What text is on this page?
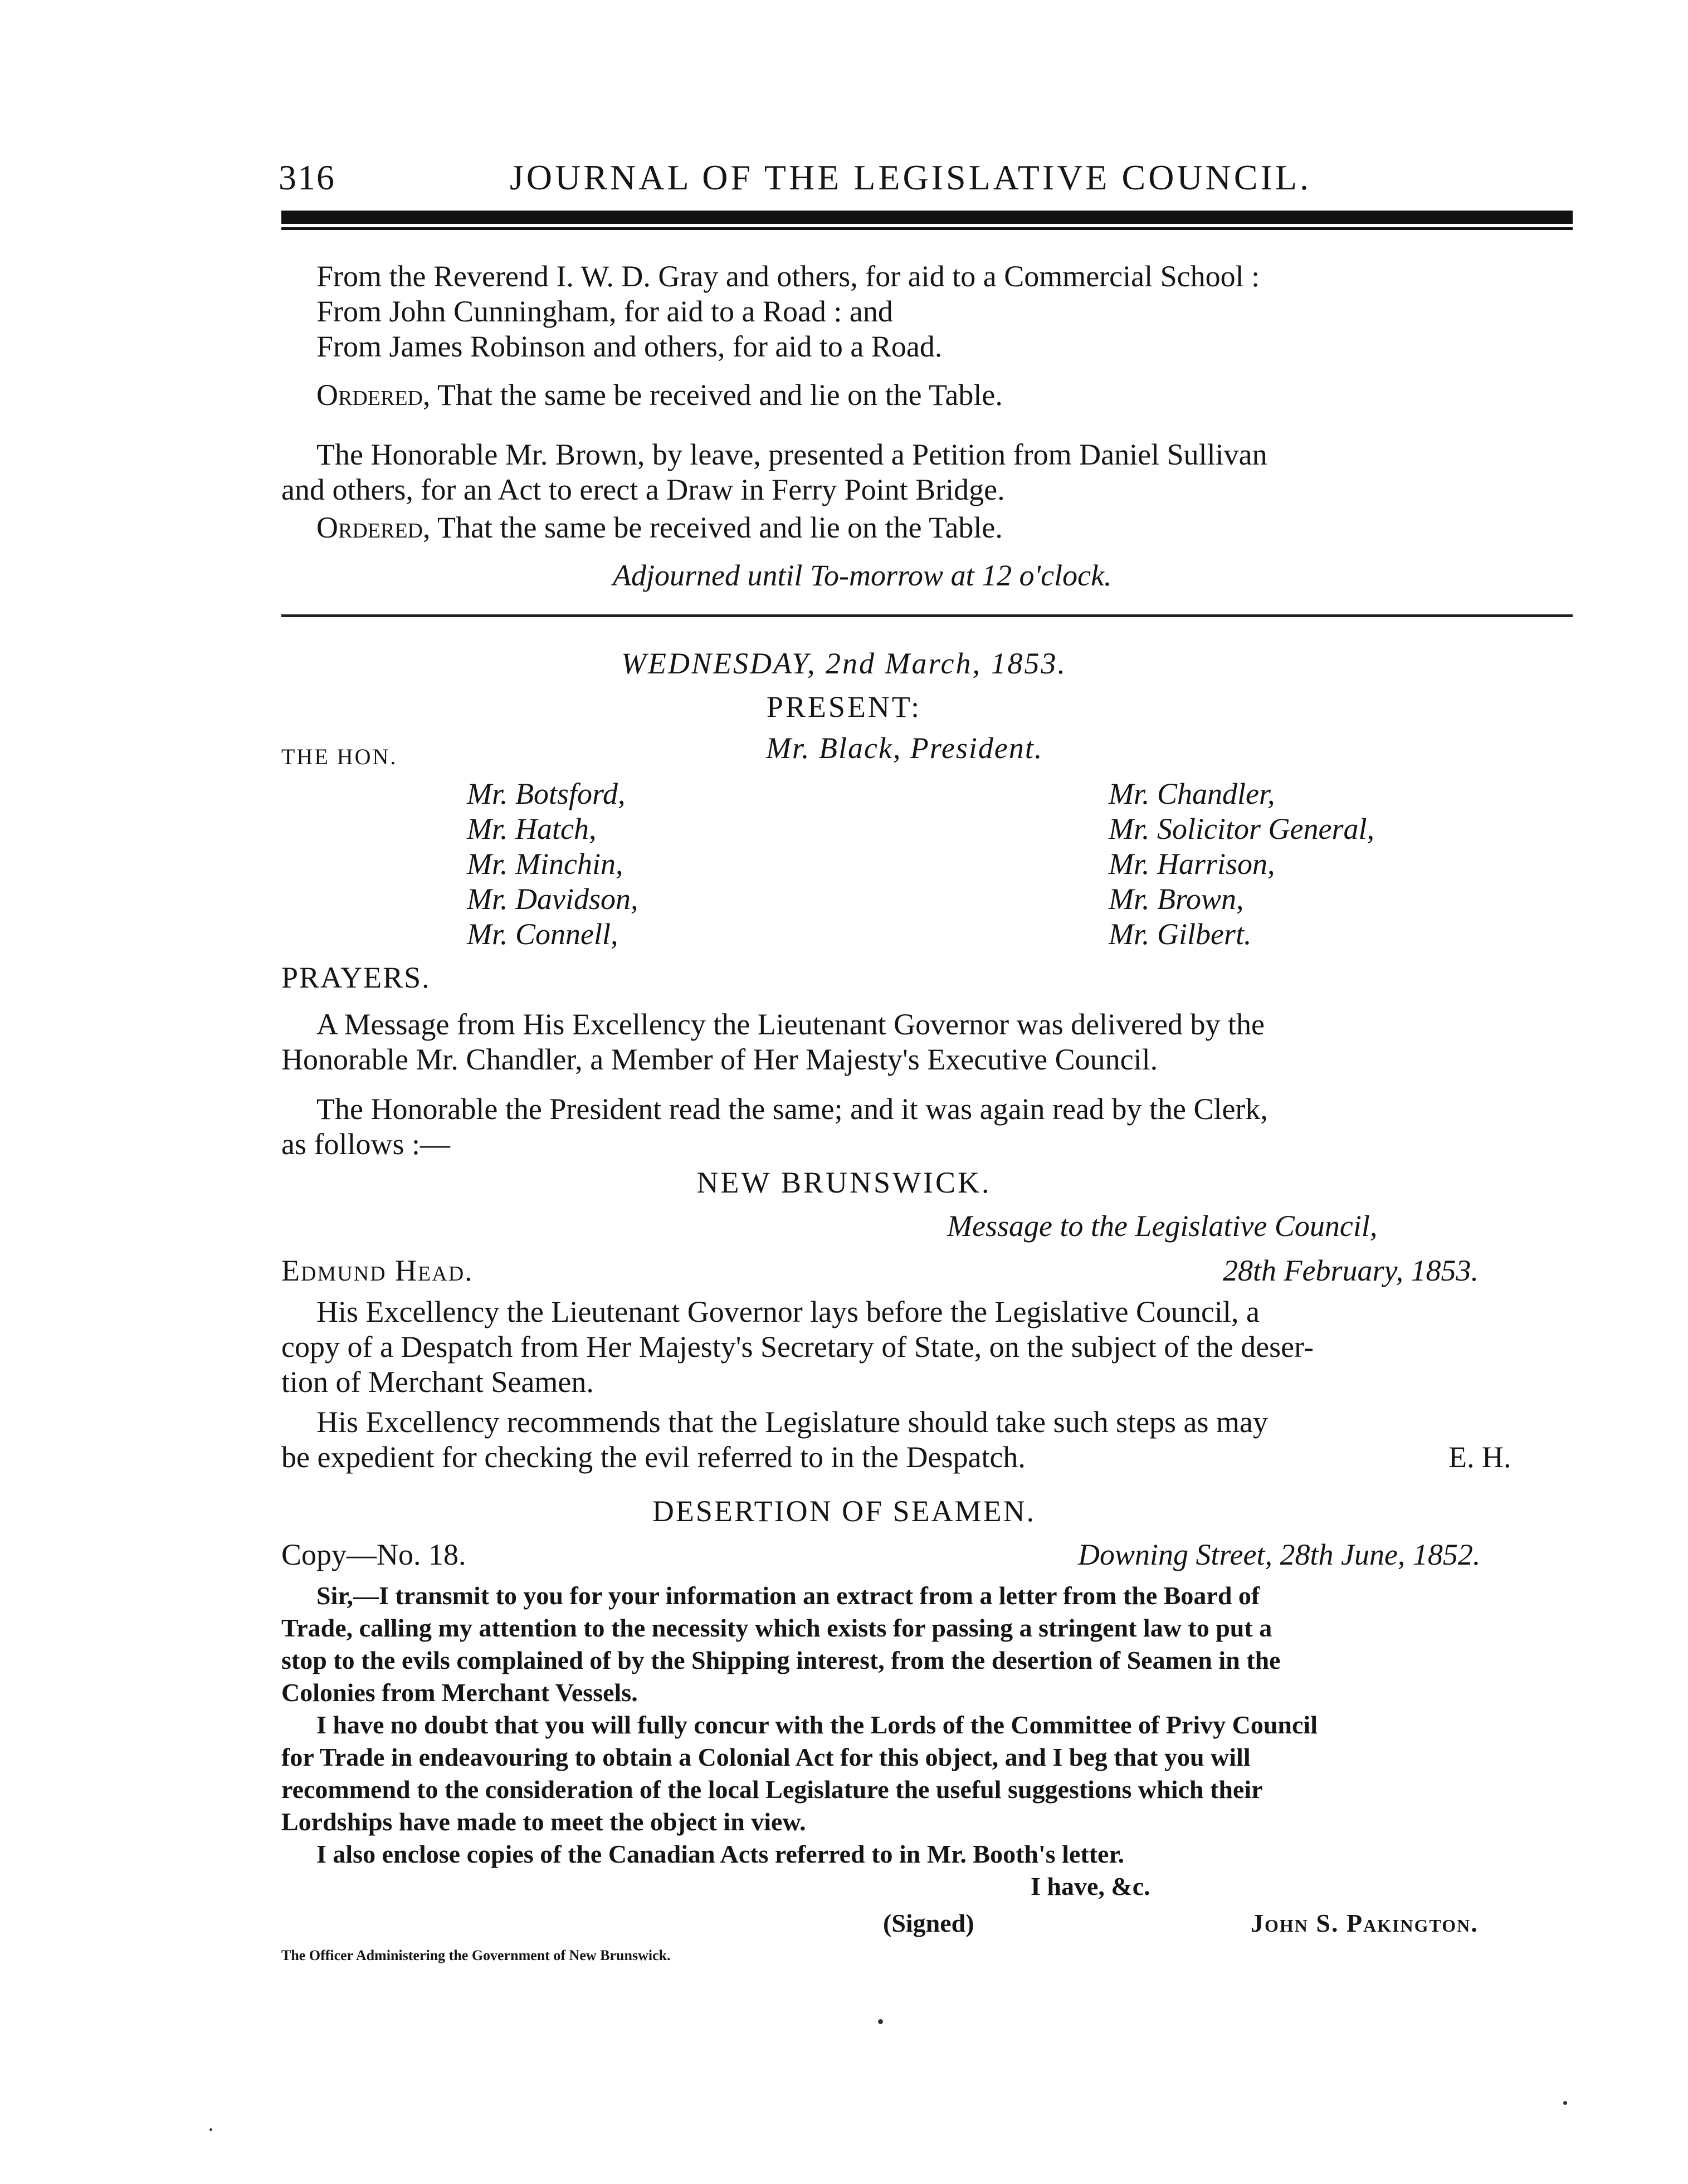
316	JOURNAL OF THE LEGISLATIVE COUNCIL.
From the Reverend I. W. D. Gray and others, for aid to a Commercial School :
From John Cunningham, for aid to a Road : and
From James Robinson and others, for aid to a Road.
Ordered, That the same be received and lie on the Table.
The Honorable Mr. Brown, by leave, presented a Petition from Daniel Sullivan
and others, for an Act to erect a Draw in Ferry Point Bridge.
Ordered, That the same be received and lie on the Table.
Adjourned until To-morrow at 12 o'clock.
WEDNESDAY, 2nd March, 1853.
PRESENT:
THE HON.	Mr. Black, President.
Mr. Botsford,
Mr. Hatch,
Mr. Minchin,
Mr. Davidson,
Mr. Connell,
Mr. Chandler,
Mr. Solicitor General,
Mr. Harrison,
Mr. Brown,
Mr. Gilbert.
PRAYERS.
A Message from His Excellency the Lieutenant Governor was delivered by the
Honorable Mr. Chandler, a Member of Her Majesty's Executive Council.
The Honorable the President read the same; and it was again read by the Clerk,
as follows :—
NEW BRUNSWICK.
Message to the Legislative Council,
Edmund Head.	28th February, 1853.
His Excellency the Lieutenant Governor lays before the Legislative Council, a
copy of a Despatch from Her Majesty's Secretary of State, on the subject of the deser-
tion of Merchant Seamen.
His Excellency recommends that the Legislature should take such steps as may
be expedient for checking the evil referred to in the Despatch.	E. H.
DESERTION OF SEAMEN.
Copy—No. 18.	Downing Street, 28th June, 1852.
Sir,—I transmit to you for your information an extract from a letter from the Board of
Trade, calling my attention to the necessity which exists for passing a stringent law to put a
stop to the evils complained of by the Shipping interest, from the desertion of Seamen in the
Colonies from Merchant Vessels.
I have no doubt that you will fully concur with the Lords of the Committee of Privy Council
for Trade in endeavouring to obtain a Colonial Act for this object, and I beg that you will
recommend to the consideration of the local Legislature the useful suggestions which their
Lordships have made to meet the object in view.
I also enclose copies of the Canadian Acts referred to in Mr. Booth's letter.
I have, &c.
(Signed)	John S. Pakington.
The Officer Administering the Government of New Brunswick.
